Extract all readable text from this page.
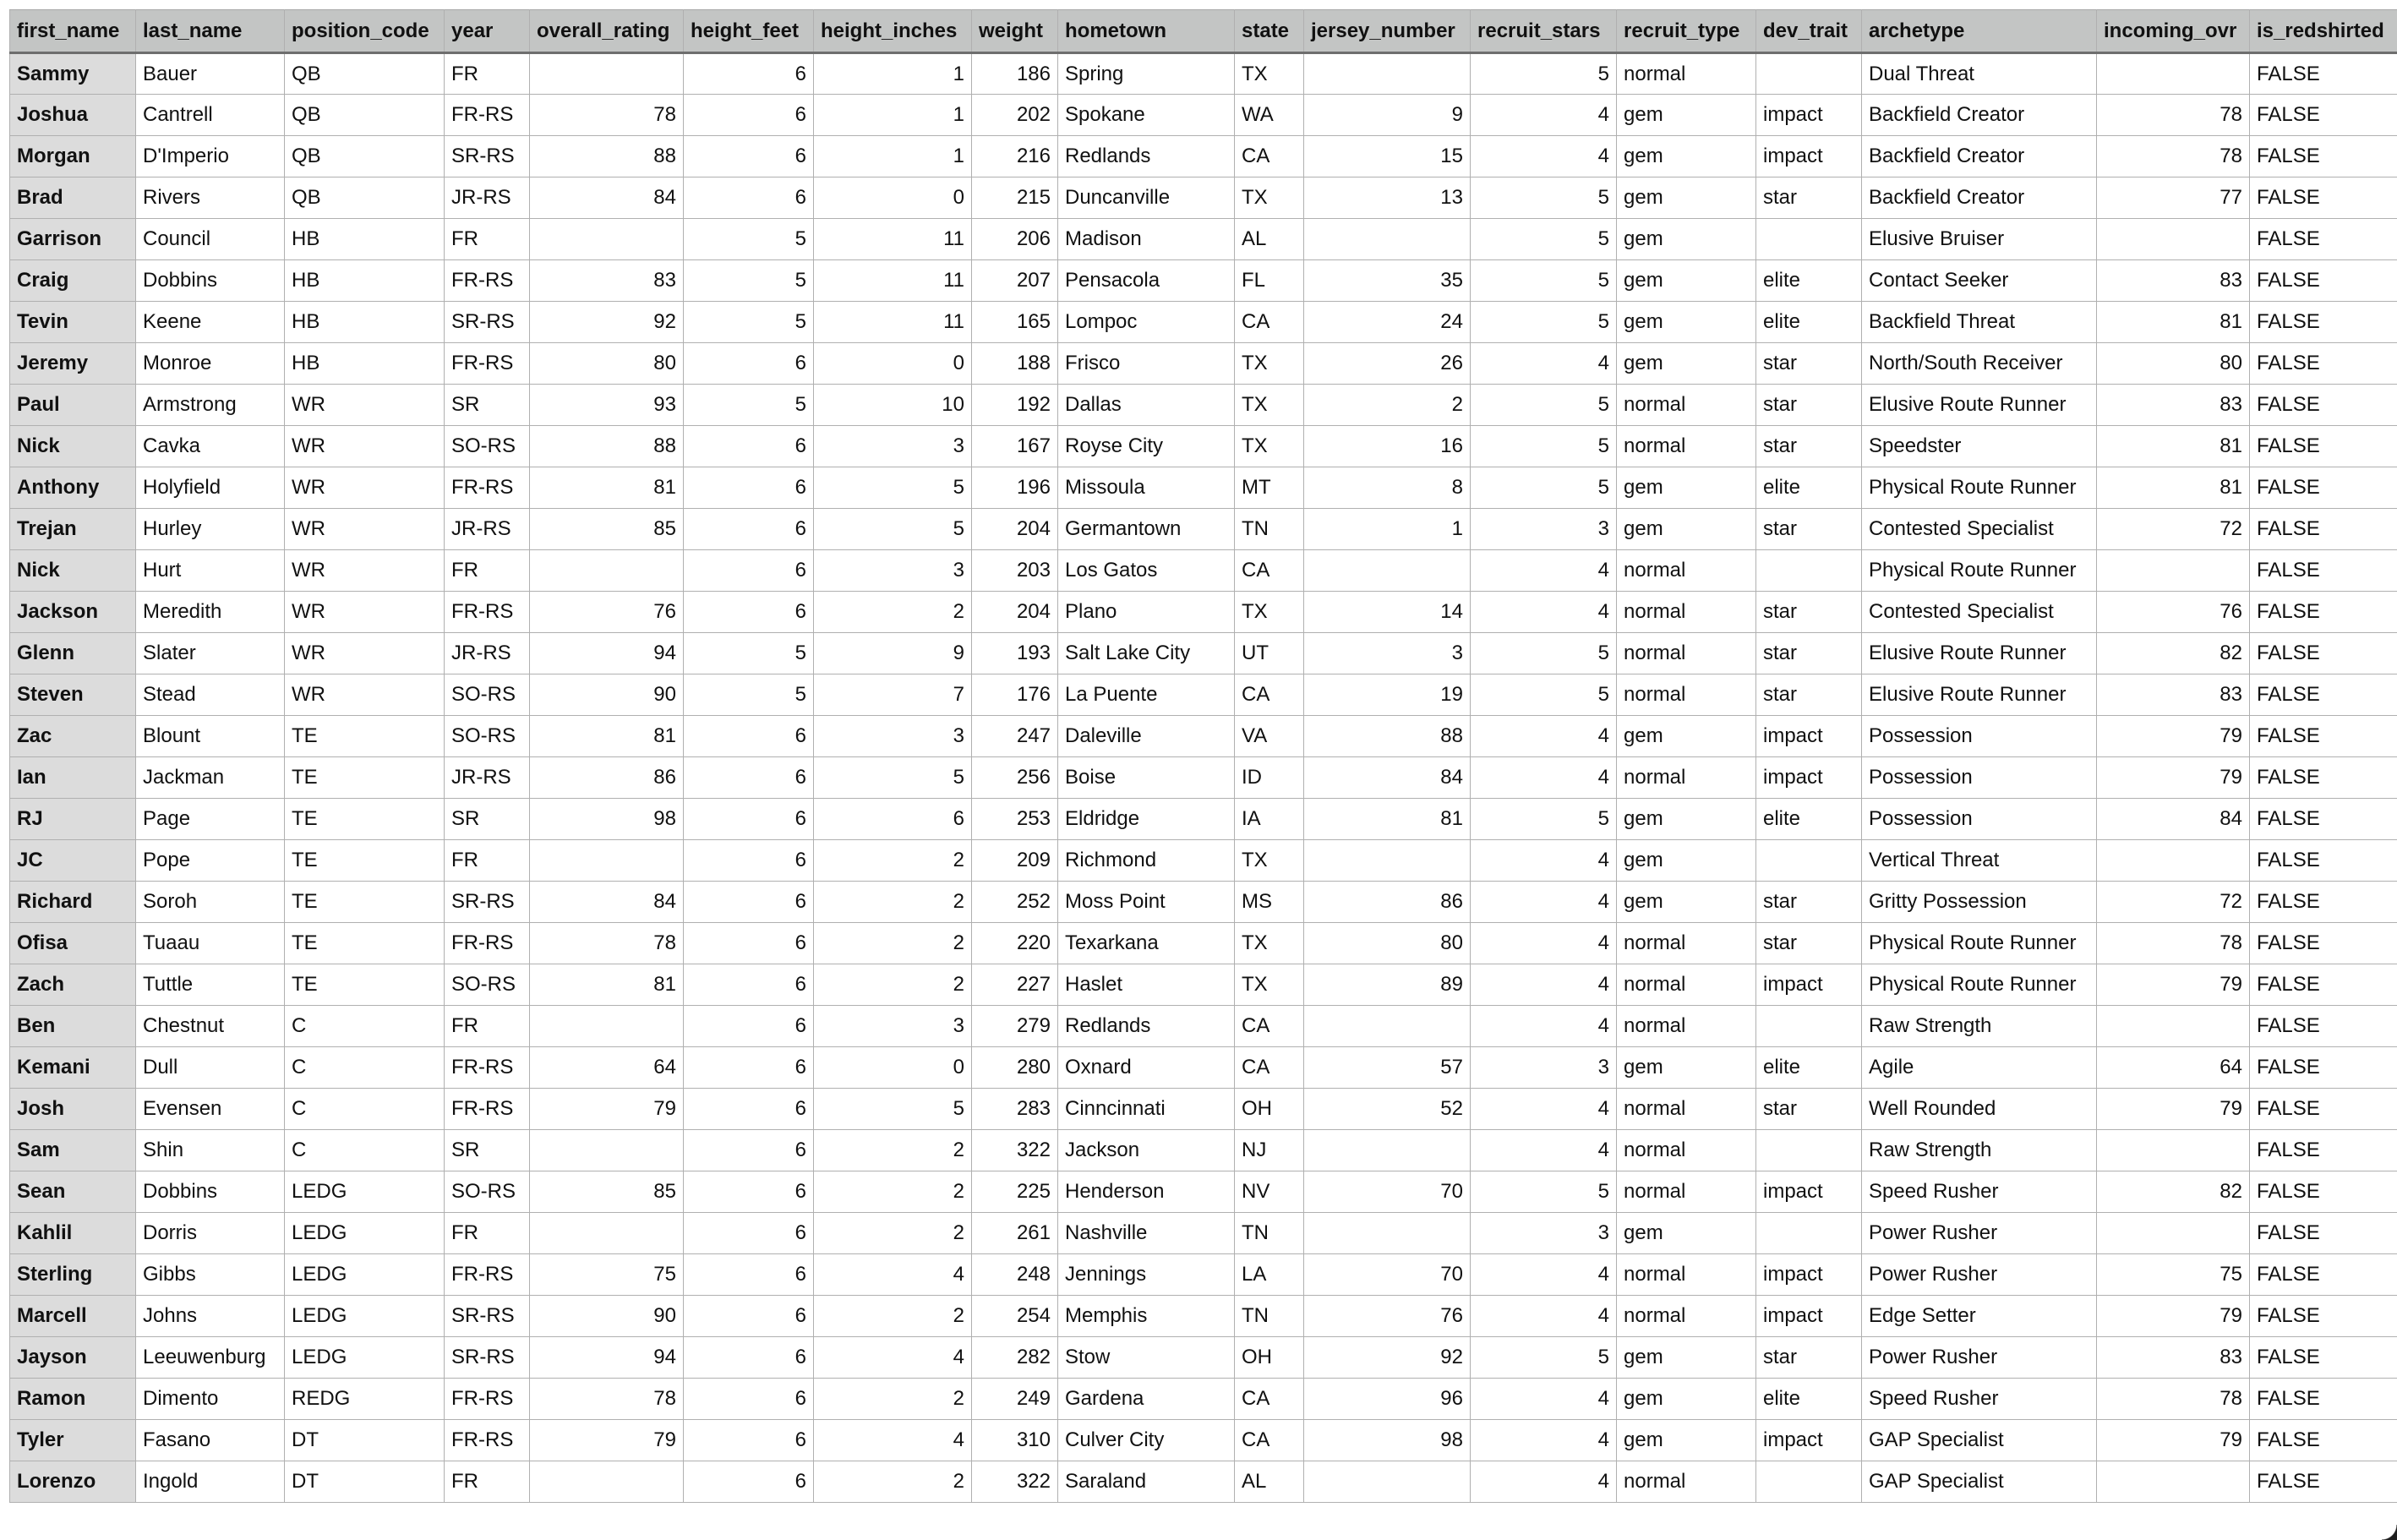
first_name	last_name	position_code	year	overall_rating	height_feet	height_inches	weight	hometown	state	jersey_number	recruit_stars	recruit_type	dev_trait	archetype	incoming_ovr	is_redshirted
Sammy	Bauer	QB	FR		6	1	186	Spring	TX		5	normal		Dual Threat		FALSE
Joshua	Cantrell	QB	FR-RS	78	6	1	202	Spokane	WA	9	4	gem	impact	Backfield Creator	78	FALSE
Morgan	D'Imperio	QB	SR-RS	88	6	1	216	Redlands	CA	15	4	gem	impact	Backfield Creator	78	FALSE
Brad	Rivers	QB	JR-RS	84	6	0	215	Duncanville	TX	13	5	gem	star	Backfield Creator	77	FALSE
Garrison	Council	HB	FR		5	11	206	Madison	AL		5	gem		Elusive Bruiser		FALSE
Craig	Dobbins	HB	FR-RS	83	5	11	207	Pensacola	FL	35	5	gem	elite	Contact Seeker	83	FALSE
Tevin	Keene	HB	SR-RS	92	5	11	165	Lompoc	CA	24	5	gem	elite	Backfield Threat	81	FALSE
Jeremy	Monroe	HB	FR-RS	80	6	0	188	Frisco	TX	26	4	gem	star	North/South Receiver	80	FALSE
Paul	Armstrong	WR	SR	93	5	10	192	Dallas	TX	2	5	normal	star	Elusive Route Runner	83	FALSE
Nick	Cavka	WR	SO-RS	88	6	3	167	Royse City	TX	16	5	normal	star	Speedster	81	FALSE
Anthony	Holyfield	WR	FR-RS	81	6	5	196	Missoula	MT	8	5	gem	elite	Physical Route Runner	81	FALSE
Trejan	Hurley	WR	JR-RS	85	6	5	204	Germantown	TN	1	3	gem	star	Contested Specialist	72	FALSE
Nick	Hurt	WR	FR		6	3	203	Los Gatos	CA		4	normal		Physical Route Runner		FALSE
Jackson	Meredith	WR	FR-RS	76	6	2	204	Plano	TX	14	4	normal	star	Contested Specialist	76	FALSE
Glenn	Slater	WR	JR-RS	94	5	9	193	Salt Lake City	UT	3	5	normal	star	Elusive Route Runner	82	FALSE
Steven	Stead	WR	SO-RS	90	5	7	176	La Puente	CA	19	5	normal	star	Elusive Route Runner	83	FALSE
Zac	Blount	TE	SO-RS	81	6	3	247	Daleville	VA	88	4	gem	impact	Possession	79	FALSE
Ian	Jackman	TE	JR-RS	86	6	5	256	Boise	ID	84	4	normal	impact	Possession	79	FALSE
RJ	Page	TE	SR	98	6	6	253	Eldridge	IA	81	5	gem	elite	Possession	84	FALSE
JC	Pope	TE	FR		6	2	209	Richmond	TX		4	gem		Vertical Threat		FALSE
Richard	Soroh	TE	SR-RS	84	6	2	252	Moss Point	MS	86	4	gem	star	Gritty Possession	72	FALSE
Ofisa	Tuaau	TE	FR-RS	78	6	2	220	Texarkana	TX	80	4	normal	star	Physical Route Runner	78	FALSE
Zach	Tuttle	TE	SO-RS	81	6	2	227	Haslet	TX	89	4	normal	impact	Physical Route Runner	79	FALSE
Ben	Chestnut	C	FR		6	3	279	Redlands	CA		4	normal		Raw Strength		FALSE
Kemani	Dull	C	FR-RS	64	6	0	280	Oxnard	CA	57	3	gem	elite	Agile	64	FALSE
Josh	Evensen	C	FR-RS	79	6	5	283	Cinncinnati	OH	52	4	normal	star	Well Rounded	79	FALSE
Sam	Shin	C	SR		6	2	322	Jackson	NJ		4	normal		Raw Strength		FALSE
Sean	Dobbins	LEDG	SO-RS	85	6	2	225	Henderson	NV	70	5	normal	impact	Speed Rusher	82	FALSE
Kahlil	Dorris	LEDG	FR		6	2	261	Nashville	TN		3	gem		Power Rusher		FALSE
Sterling	Gibbs	LEDG	FR-RS	75	6	4	248	Jennings	LA	70	4	normal	impact	Power Rusher	75	FALSE
Marcell	Johns	LEDG	SR-RS	90	6	2	254	Memphis	TN	76	4	normal	impact	Edge Setter	79	FALSE
Jayson	Leeuwenburg	LEDG	SR-RS	94	6	4	282	Stow	OH	92	5	gem	star	Power Rusher	83	FALSE
Ramon	Dimento	REDG	FR-RS	78	6	2	249	Gardena	CA	96	4	gem	elite	Speed Rusher	78	FALSE
Tyler	Fasano	DT	FR-RS	79	6	4	310	Culver City	CA	98	4	gem	impact	GAP Specialist	79	FALSE
Lorenzo	Ingold	DT	FR		6	2	322	Saraland	AL		4	normal		GAP Specialist		FALSE
